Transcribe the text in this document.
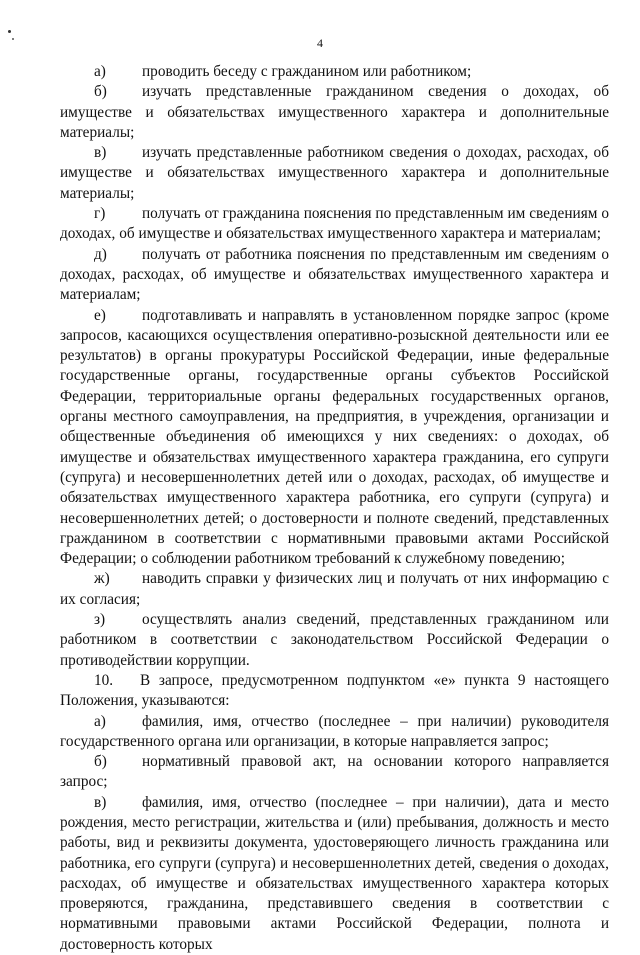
4

а) проводить беседу с гражданином или работником;

б) изучать представленные гражданином сведения о доходах, об имуществе и обязательствах имущественного характера и дополнительные материалы;

в) изучать представленные работником сведения о доходах, расходах, об имуществе и обязательствах имущественного характера и дополнительные материалы;

г) получать от гражданина пояснения по представленным им сведениям о доходах, об имуществе и обязательствах имущественного характера и материалам;

д) получать от работника пояснения по представленным им сведениям о доходах, расходах, об имуществе и обязательствах имущественного характера и материалам;

е) подготавливать и направлять в установленном порядке запрос (кроме запросов, касающихся осуществления оперативно-розыскной деятельности или ее результатов) в органы прокуратуры Российской Федерации, иные федеральные государственные органы, государственные органы субъектов Российской Федерации, территориальные органы федеральных государственных органов, органы местного самоуправления, на предприятия, в учреждения, организации и общественные объединения об имеющихся у них сведениях: о доходах, об имуществе и обязательствах имущественного характера гражданина, его супруги (супруга) и несовершеннолетних детей или о доходах, расходах, об имуществе и обязательствах имущественного характера работника, его супруги (супруга) и несовершеннолетних детей; о достоверности и полноте сведений, представленных гражданином в соответствии с нормативными правовыми актами Российской Федерации; о соблюдении работником требований к служебному поведению;

ж) наводить справки у физических лиц и получать от них информацию с их согласия;

з) осуществлять анализ сведений, представленных гражданином или работником в соответствии с законодательством Российской Федерации о противодействии коррупции.

10. В запросе, предусмотренном подпунктом «е» пункта 9 настоящего Положения, указываются:

а) фамилия, имя, отчество (последнее – при наличии) руководителя государственного органа или организации, в которые направляется запрос;

б) нормативный правовой акт, на основании которого направляется запрос;

в) фамилия, имя, отчество (последнее – при наличии), дата и место рождения, место регистрации, жительства и (или) пребывания, должность и место работы, вид и реквизиты документа, удостоверяющего личность гражданина или работника, его супруги (супруга) и несовершеннолетних детей, сведения о доходах, расходах, об имуществе и обязательствах имущественного характера которых проверяются, гражданина, представившего сведения в соответствии с нормативными правовыми актами Российской Федерации, полнота и достоверность которых
